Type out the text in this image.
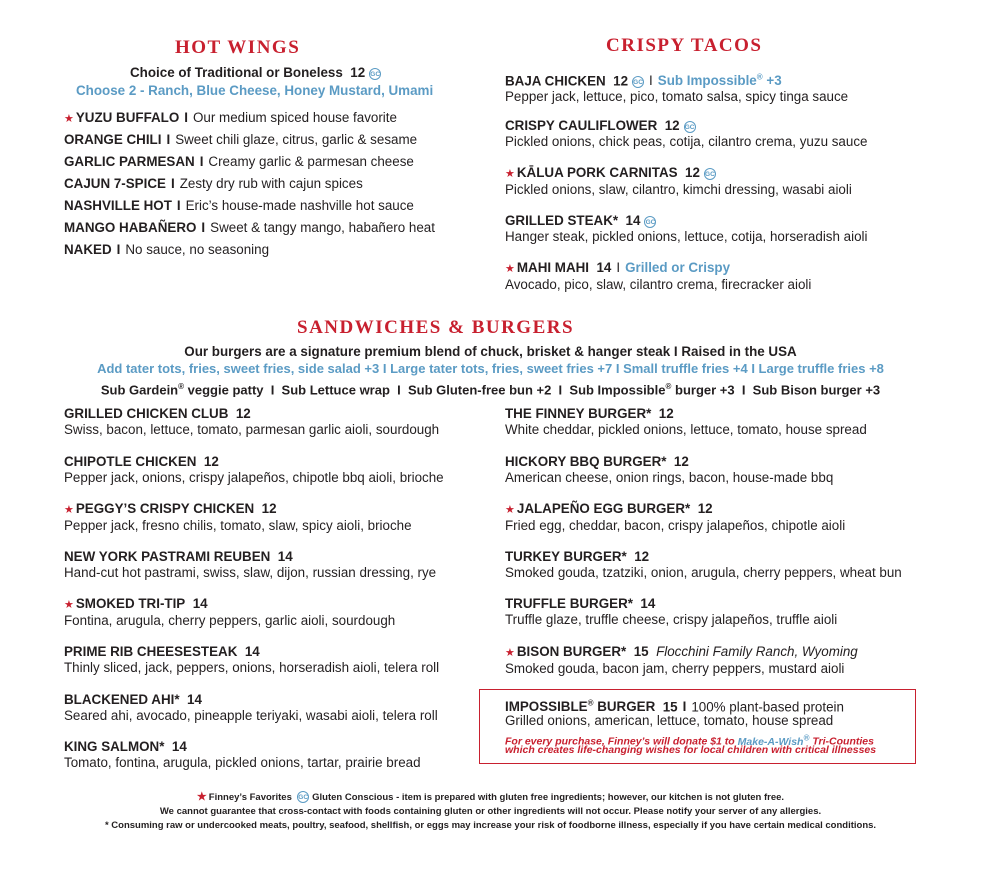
HOT WINGS
Choice of Traditional or Boneless 12 GC
Choose 2 - Ranch, Blue Cheese, Honey Mustard, Umami
★ YUZU BUFFALO I Our medium spiced house favorite
ORANGE CHILI I Sweet chili glaze, citrus, garlic & sesame
GARLIC PARMESAN I Creamy garlic & parmesan cheese
CAJUN 7-SPICE I Zesty dry rub with cajun spices
NASHVILLE HOT I Eric’s house-made nashville hot sauce
MANGO HABAÑERO I Sweet & tangy mango, habañero heat
NAKED I No sauce, no seasoning
CRISPY TACOS
BAJA CHICKEN 12 GC I Sub Impossible® +3
Pepper jack, lettuce, pico, tomato salsa, spicy tinga sauce
CRISPY CAULIFLOWER 12 GC
Pickled onions, chick peas, cotija, cilantro crema, yuzu sauce
★ KĀLUA PORK CARNITAS 12 GC
Pickled onions, slaw, cilantro, kimchi dressing, wasabi aioli
GRILLED STEAK* 14 GC
Hanger steak, pickled onions, lettuce, cotija, horseradish aioli
★ MAHI MAHI 14 I Grilled or Crispy
Avocado, pico, slaw, cilantro crema, firecracker aioli
SANDWICHES & BURGERS
Our burgers are a signature premium blend of chuck, brisket & hanger steak I Raised in the USA
Add tater tots, fries, sweet fries, side salad +3 I Large tater tots, fries, sweet fries +7 I Small truffle fries +4 I Large truffle fries +8
Sub Gardein® veggie patty  I  Sub Lettuce wrap  I  Sub Gluten-free bun +2  I  Sub Impossible® burger +3  I  Sub Bison burger +3
GRILLED CHICKEN CLUB 12
Swiss, bacon, lettuce, tomato, parmesan garlic aioli, sourdough
CHIPOTLE CHICKEN 12
Pepper jack, onions, crispy jalapeños, chipotle bbq aioli, brioche
★ PEGGY’S CRISPY CHICKEN 12
Pepper jack, fresno chilis, tomato, slaw, spicy aioli, brioche
NEW YORK PASTRAMI REUBEN 14
Hand-cut hot pastrami, swiss, slaw, dijon, russian dressing, rye
★ SMOKED TRI-TIP 14
Fontina, arugula, cherry peppers, garlic aioli, sourdough
PRIME RIB CHEESESTEAK 14
Thinly sliced, jack, peppers, onions, horseradish aioli, telera roll
BLACKENED AHI* 14
Seared ahi, avocado, pineapple teriyaki, wasabi aioli, telera roll
KING SALMON* 14
Tomato, fontina, arugula, pickled onions, tartar, prairie bread
THE FINNEY BURGER* 12
White cheddar, pickled onions, lettuce, tomato, house spread
HICKORY BBQ BURGER* 12
American cheese, onion rings, bacon, house-made bbq
★ JALAPEÑO EGG BURGER* 12
Fried egg, cheddar, bacon, crispy jalapeños, chipotle aioli
TURKEY BURGER* 12
Smoked gouda, tzatziki, onion, arugula, cherry peppers, wheat bun
TRUFFLE BURGER* 14
Truffle glaze, truffle cheese, crispy jalapeños, truffle aioli
★ BISON BURGER* 15 Flocchini Family Ranch, Wyoming
Smoked gouda, bacon jam, cherry peppers, mustard aioli
IMPOSSIBLE® BURGER 15 I 100% plant-based protein
Grilled onions, american, lettuce, tomato, house spread
For every purchase, Finney’s will donate $1 to Make-A-Wish® Tri-Counties
which creates life-changing wishes for local children with critical illnesses
★ Finney’s Favorites GC Gluten Conscious - item is prepared with gluten free ingredients; however, our kitchen is not gluten free.
We cannot guarantee that cross-contact with foods containing gluten or other ingredients will not occur. Please notify your server of any allergies.
* Consuming raw or undercooked meats, poultry, seafood, shellfish, or eggs may increase your risk of foodborne illness, especially if you have certain medical conditions.
